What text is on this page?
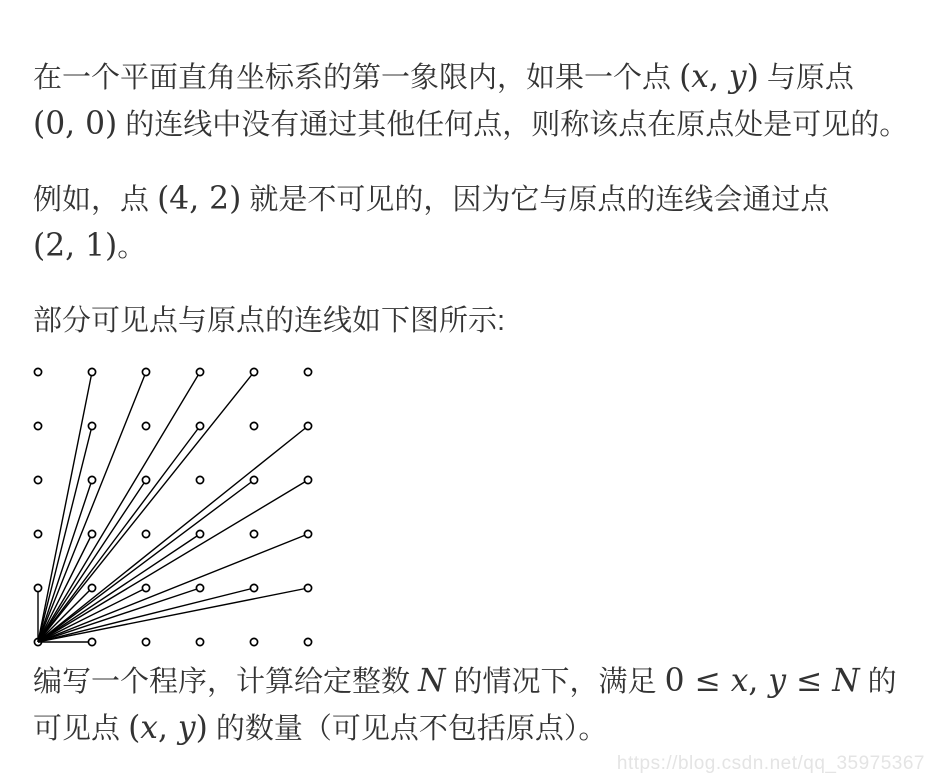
在一个平面直角坐标系的第一象限内，如果一个点 (x, y) 与原点
(0, 0) 的连线中没有通过其他任何点，则称该点在原点处是可见的。
例如，点 (4, 2) 就是不可见的，因为它与原点的连线会通过点
(2, 1)。
部分可见点与原点的连线如下图所示:
编写一个程序，计算给定整数 N 的情况下，满足 0 ≤ x, y ≤ N 的
可见点 (x, y) 的数量（可见点不包括原点）。
https://blog.csdn.net/qq_35975367
